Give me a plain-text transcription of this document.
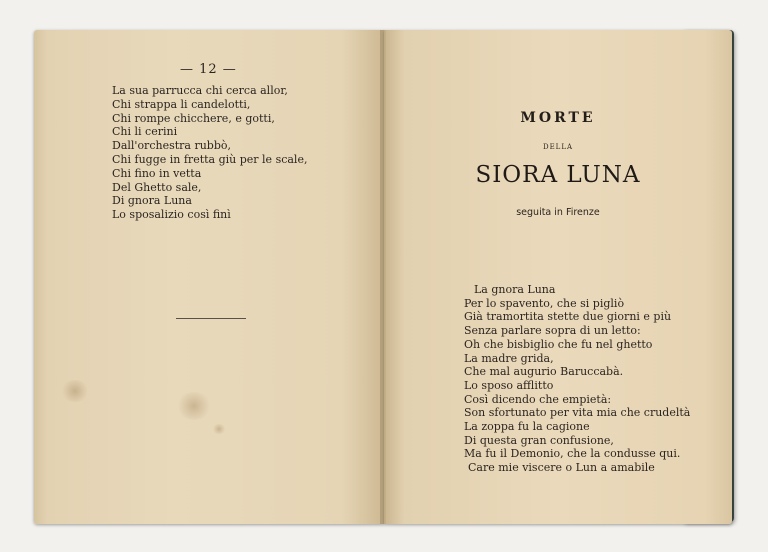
— 12 —
La sua parrucca chi cerca allor,
Chi strappa li candelotti,
Chi rompe chicchere, e gotti,
Chi li cerini
Dall'orchestra rubbò,
Chi fugge in fretta giù per le scale,
Chi fino in vetta
Del Ghetto sale,
Di gnora Luna
Lo sposalizio così finì
MORTE
DELLA
SIORA LUNA
seguita in Firenze
La gnora Luna
Per lo spavento, che si pigliò
Già tramortita stette due giorni e più
Senza parlare sopra di un letto:
Oh che bisbiglio che fu nel ghetto
La madre grida,
Che mal augurio Baruccabà.
Lo sposo afflitto
Così dicendo che empietà:
Son sfortunato per vita mia che crudeltà
La zoppa fu la cagione
Di questa gran confusione,
Ma fu il Demonio, che la condusse qui.
Care mie viscere o Lun a amabile
